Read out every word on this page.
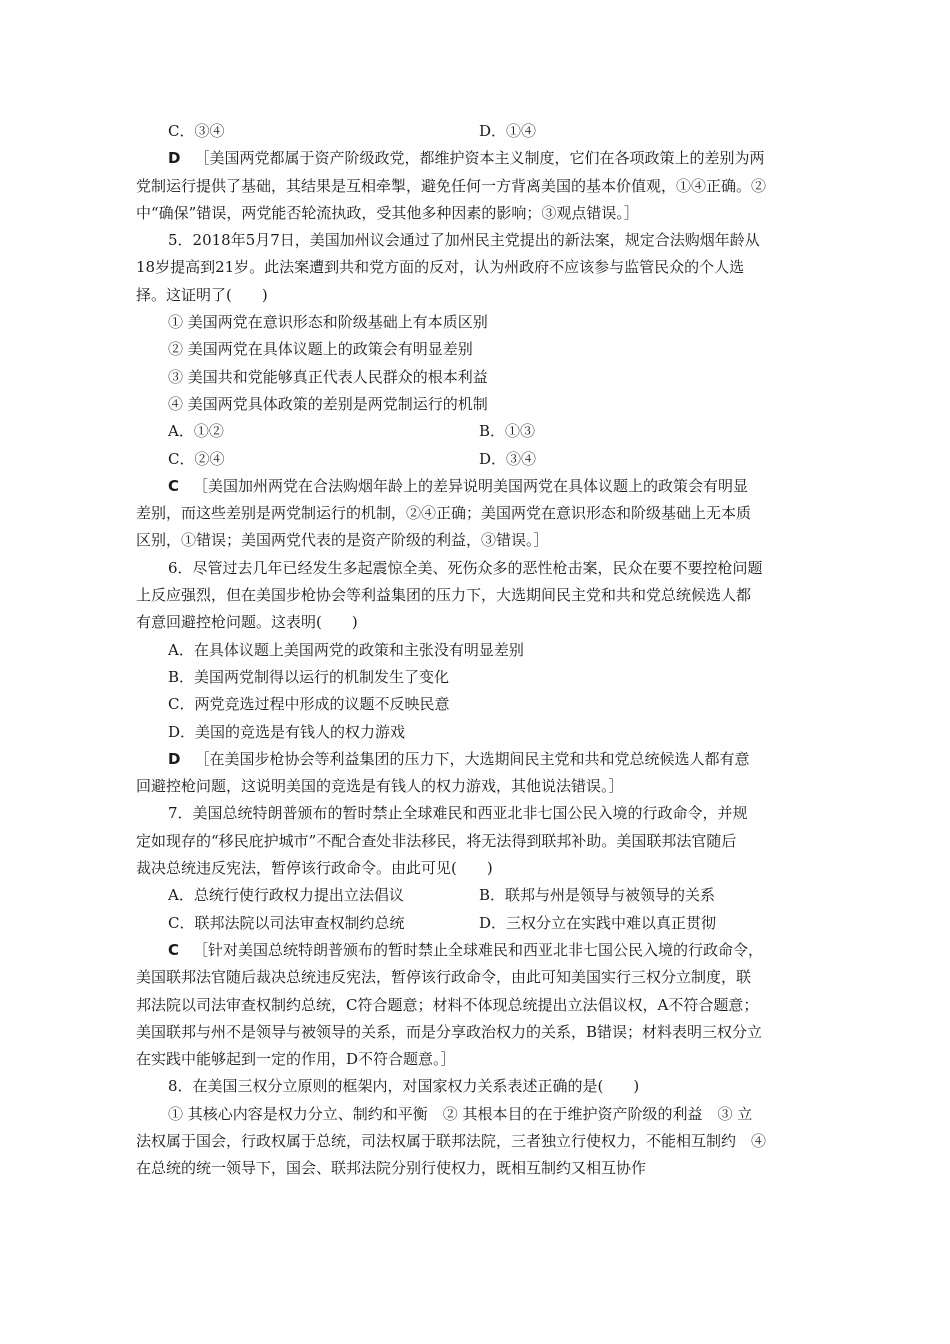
C．③④	D．①④
D ［美国两党都属于资产阶级政党，都维护资本主义制度，它们在各项政策上的差别为两
党制运行提供了基础，其结果是互相牵掣，避免任何一方背离美国的基本价值观，①④正确。②
中“确保”错误，两党能否轮流执政，受其他多种因素的影响；③观点错误。］
5．2018年5月7日，美国加州议会通过了加州民主党提出的新法案，规定合法购烟年龄从
18岁提高到21岁。此法案遭到共和党方面的反对，认为州政府不应该参与监管民众的个人选
择。这证明了(　　)
① 美国两党在意识形态和阶级基础上有本质区别
② 美国两党在具体议题上的政策会有明显差别
③ 美国共和党能够真正代表人民群众的根本利益
④ 美国两党具体政策的差别是两党制运行的机制
A．①②	B．①③
C．②④	D．③④
C ［美国加州两党在合法购烟年龄上的差异说明美国两党在具体议题上的政策会有明显
差别，而这些差别是两党制运行的机制，②④正确；美国两党在意识形态和阶级基础上无本质
区别，①错误；美国两党代表的是资产阶级的利益，③错误。］
6．尽管过去几年已经发生多起震惊全美、死伤众多的恶性枪击案，民众在要不要控枪问题
上反应强烈，但在美国步枪协会等利益集团的压力下，大选期间民主党和共和党总统候选人都
有意回避控枪问题。这表明(　　)
A．在具体议题上美国两党的政策和主张没有明显差别
B．美国两党制得以运行的机制发生了变化
C．两党竞选过程中形成的议题不反映民意
D．美国的竞选是有钱人的权力游戏
D ［在美国步枪协会等利益集团的压力下，大选期间民主党和共和党总统候选人都有意
回避控枪问题，这说明美国的竞选是有钱人的权力游戏，其他说法错误。］
7．美国总统特朗普颁布的暂时禁止全球难民和西亚北非七国公民入境的行政命令，并规
定如现存的“移民庇护城市”不配合查处非法移民，将无法得到联邦补助。美国联邦法官随后
裁决总统违反宪法，暂停该行政命令。由此可见(　　)
A．总统行使行政权力提出立法倡议	B．联邦与州是领导与被领导的关系
C．联邦法院以司法审查权制约总统	D．三权分立在实践中难以真正贯彻
C ［针对美国总统特朗普颁布的暂时禁止全球难民和西亚北非七国公民入境的行政命令，
美国联邦法官随后裁决总统违反宪法，暂停该行政命令，由此可知美国实行三权分立制度，联
邦法院以司法审查权制约总统，C符合题意；材料不体现总统提出立法倡议权，A不符合题意；
美国联邦与州不是领导与被领导的关系，而是分享政治权力的关系，B错误；材料表明三权分立
在实践中能够起到一定的作用，D不符合题意。］
8．在美国三权分立原则的框架内，对国家权力关系表述正确的是(　　)
① 其核心内容是权力分立、制约和平衡　② 其根本目的在于维护资产阶级的利益　③ 立
法权属于国会，行政权属于总统，司法权属于联邦法院，三者独立行使权力，不能相互制约　④
在总统的统一领导下，国会、联邦法院分别行使权力，既相互制约又相互协作
